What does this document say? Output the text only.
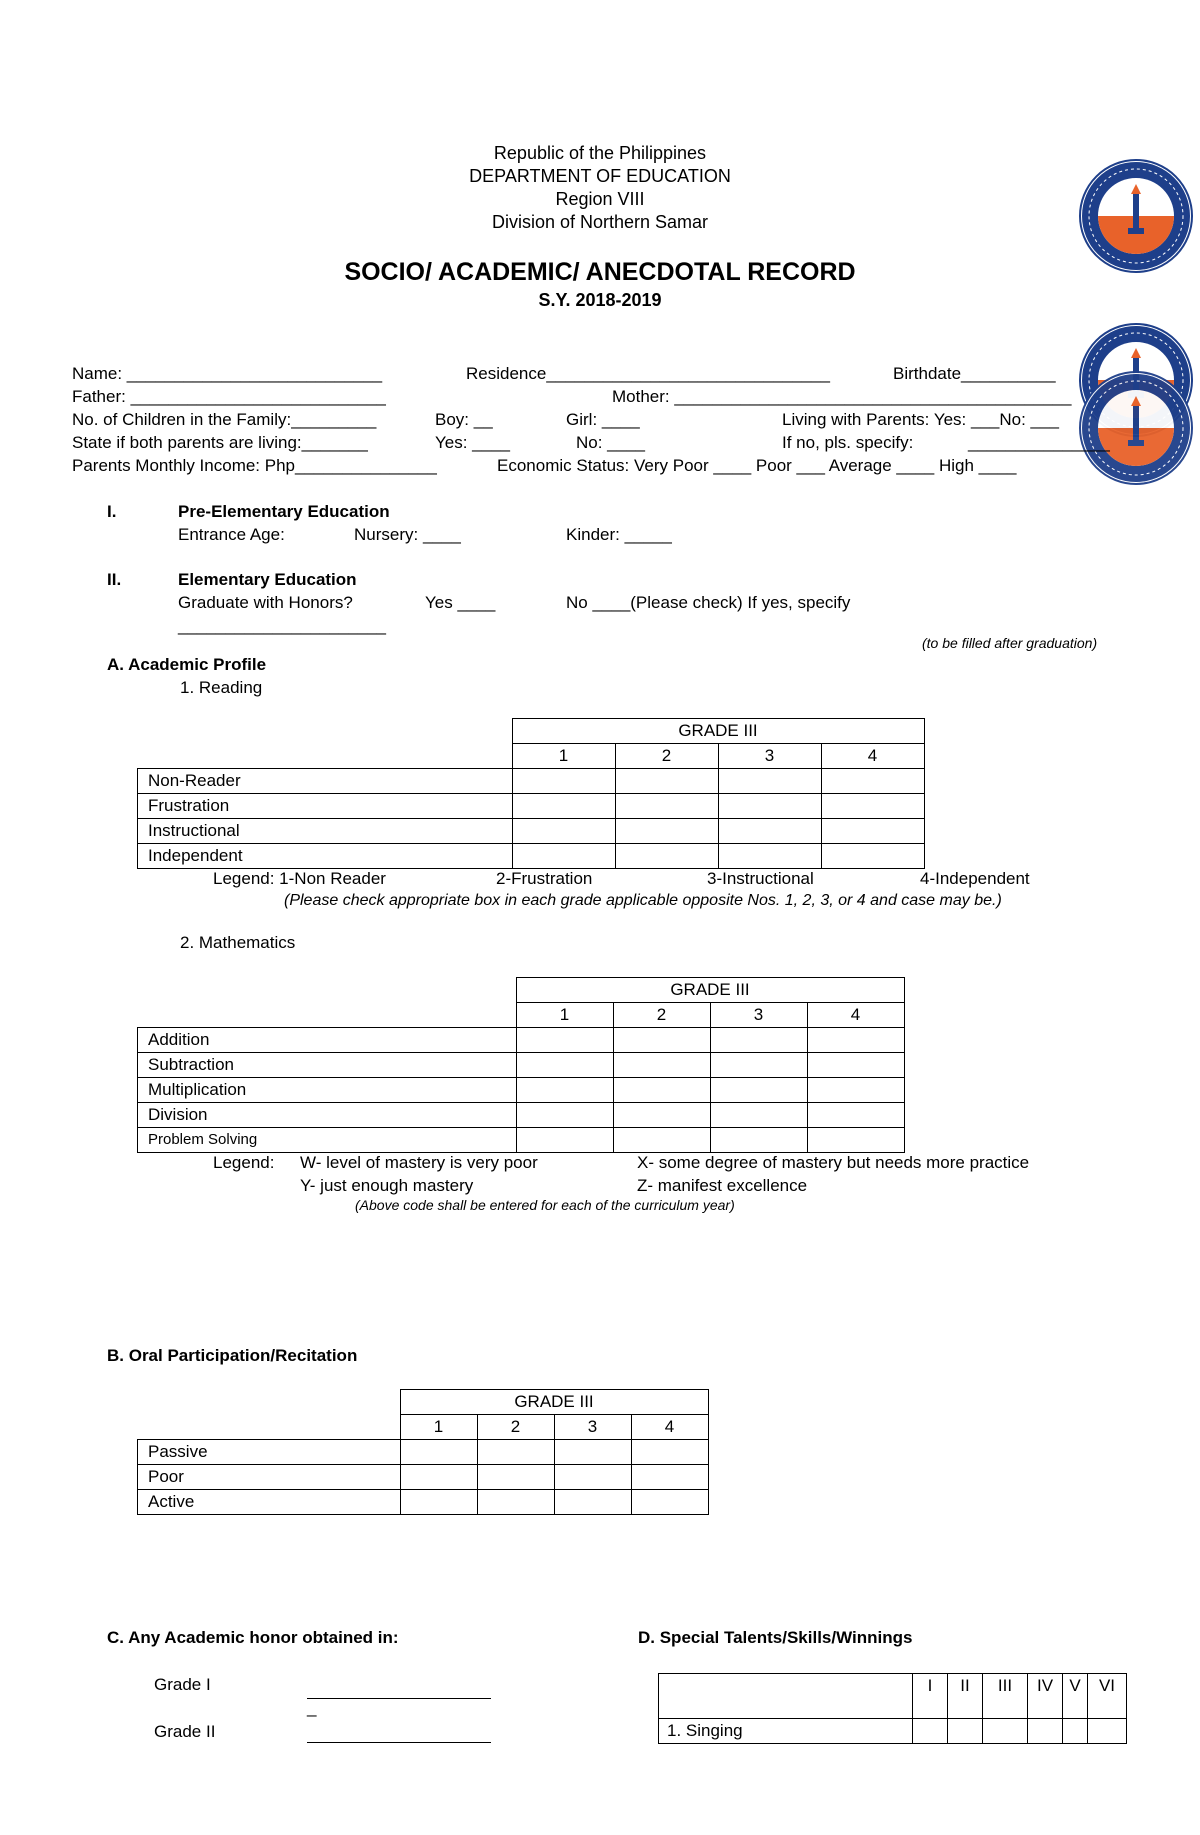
Republic of the Philippines
DEPARTMENT OF EDUCATION
Region VIII
Division of Northern Samar
SOCIO/ ACADEMIC/ ANECDOTAL RECORD
S.Y. 2018-2019
Name: ___________________________	Residence______________________________	Birthdate__________
Father: ___________________________	Mother: __________________________________________
No. of Children in the Family:_________	Boy: __	Girl: ____	Living with Parents: Yes: ___No: ___
State if both parents are living:_______	Yes: ____	No: ____	If no, pls. specify:	_______________
Parents Monthly Income: Php_______________	Economic Status: Very Poor ____ Poor ___ Average ____ High ____
I.	Pre-Elementary Education
Entrance Age:	Nursery: ____	Kinder: _____
II.	Elementary Education
Graduate with Honors?	Yes ____	No ____(Please check) If yes, specify
______________________
(to be filled after graduation)
A. Academic Profile
1. Reading
	GRADE III			
	1	2	3	4
Non-Reader				
Frustration				
Instructional				
Independent				
Legend: 1-Non Reader	2-Frustration	3-Instructional	4-Independent
(Please check appropriate box in each grade applicable opposite Nos. 1, 2, 3, or 4 and case may be.)
2. Mathematics
	GRADE III			
	1	2	3	4
Addition				
Subtraction				
Multiplication				
Division				
Problem Solving				
Legend: W- level of mastery is very poor	X- some degree of mastery but needs more practice
Y- just enough mastery	Z- manifest excellence
(Above code shall be entered for each of the curriculum year)
B. Oral Participation/Recitation
	GRADE III			
	1	2	3	4
Passive				
Poor				
Active				
C. Any Academic honor obtained in:
Grade I
_
Grade II
D. Special Talents/Skills/Winnings
	I	II	III	IV	V	VI
1. Singing						
